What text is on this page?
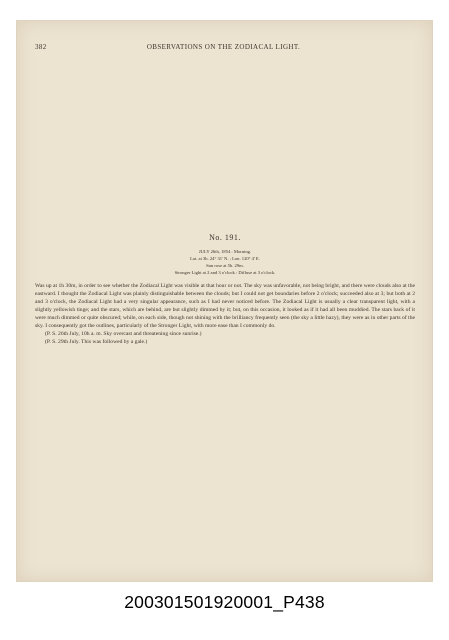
382	OBSERVATIONS ON THE ZODIACAL LIGHT.
No. 191.
JULY 26th, 1854 : Morning.
Lat. at 3h. 24° 31' N. ; Lon. 120° 4' E.
Sun rose at 5h. 29m.
Stronger Light at 2 and 3 o'clock : Diffuse at 3 o'clock.

Was up at 1h 30m, in order to see whether the Zodiacal Light was visible at that hour or not. The sky was unfavorable, not being bright, and there were clouds also at the eastward. I thought the Zodiacal Light was plainly distinguishable between the clouds; but I could not get boundaries before 2 o'clock; succeeded also at 3; but both at 2 and 3 o'clock, the Zodiacal Light had a very singular appearance, such as I had never noticed before. The Zodiacal Light is usually a clear transparent light, with a slightly yellowish tinge; and the stars, which are behind, are but slightly dimmed by it; but, on this occasion, it looked as if it had all been muddied. The stars back of it were much dimmed or quite obscured; while, on each side, though not shining with the brilliancy frequently seen (the sky a little hazy), they were as in other parts of the sky. I consequently got the outlines, particularly of the Stronger Light, with more ease than I commonly do.

(P. S. 26th July, 10h a. m. Sky overcast and threatening since sunrise.)

(P. S. 29th July. This was followed by a gale.)

200301501920001_P438
